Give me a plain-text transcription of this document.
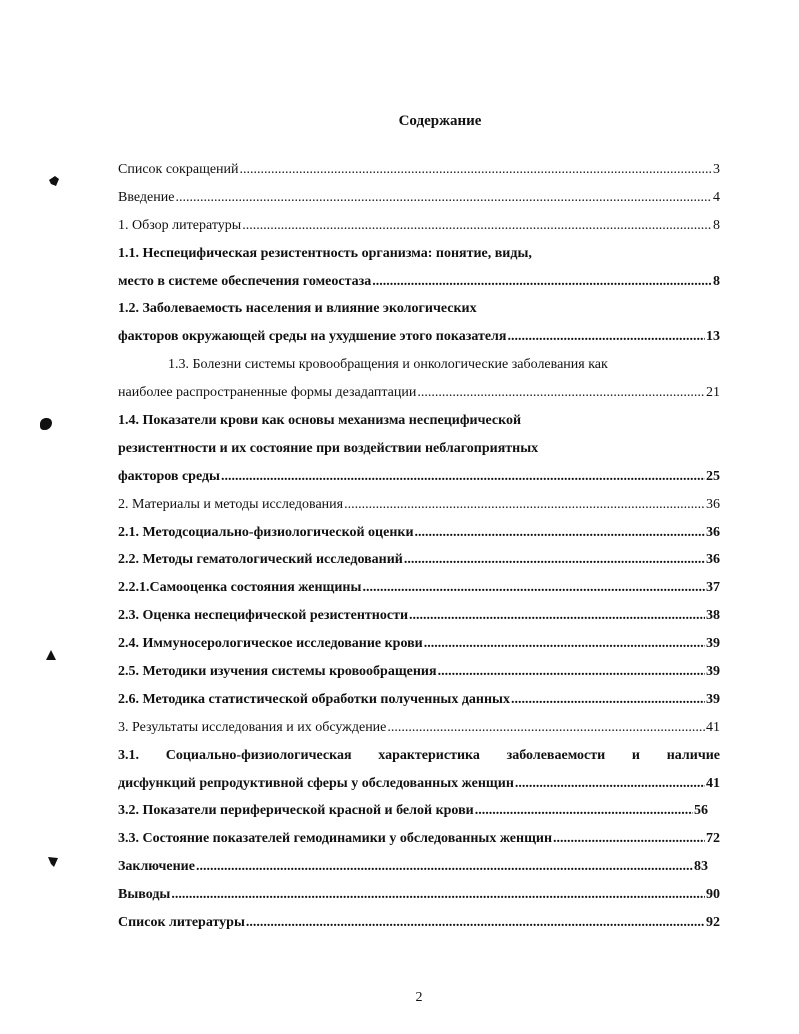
Содержание
Список сокращений .....	3
Введение .....	4
1. Обзор литературы .....	8
1.1. Неспецифическая резистентность организма: понятие, виды,
место в системе обеспечения гомеостаза .....	8
1.2. Заболеваемость населения и влияние экологических
факторов окружающей среды на ухудшение этого показателя .....	13
1.3. Болезни системы кровообращения и онкологические заболевания как
наиболее распространенные формы дезадаптации .....	21
1.4. Показатели крови как основы механизма неспецифической
резистентности и их состояние при воздействии неблагоприятных
факторов среды .....	25
2. Материалы и методы исследования .....	36
2.1. Методсоциально-физиологической оценки .....	36
2.2. Методы гематологический исследований .....	36
2.2.1.Самооценка состояния женщины .....	37
2.3. Оценка неспецифической резистентности .....	38
2.4. Иммуносерологическое исследование крови .....	39
2.5. Методики изучения системы кровообращения .....	39
2.6. Методика статистической обработки полученных данных .....	39
3. Результаты исследования и их обсуждение .....	41
3.1. Социально-физиологическая характеристика заболеваемости и наличие
дисфункций репродуктивной сферы у обследованных женщин .....	41
3.2. Показатели периферической красной и белой крови .....	56
3.3. Состояние показателей гемодинамики у обследованных женщин .....	72
Заключение .....	83
Выводы .....	90
Список литературы .....	92
2
